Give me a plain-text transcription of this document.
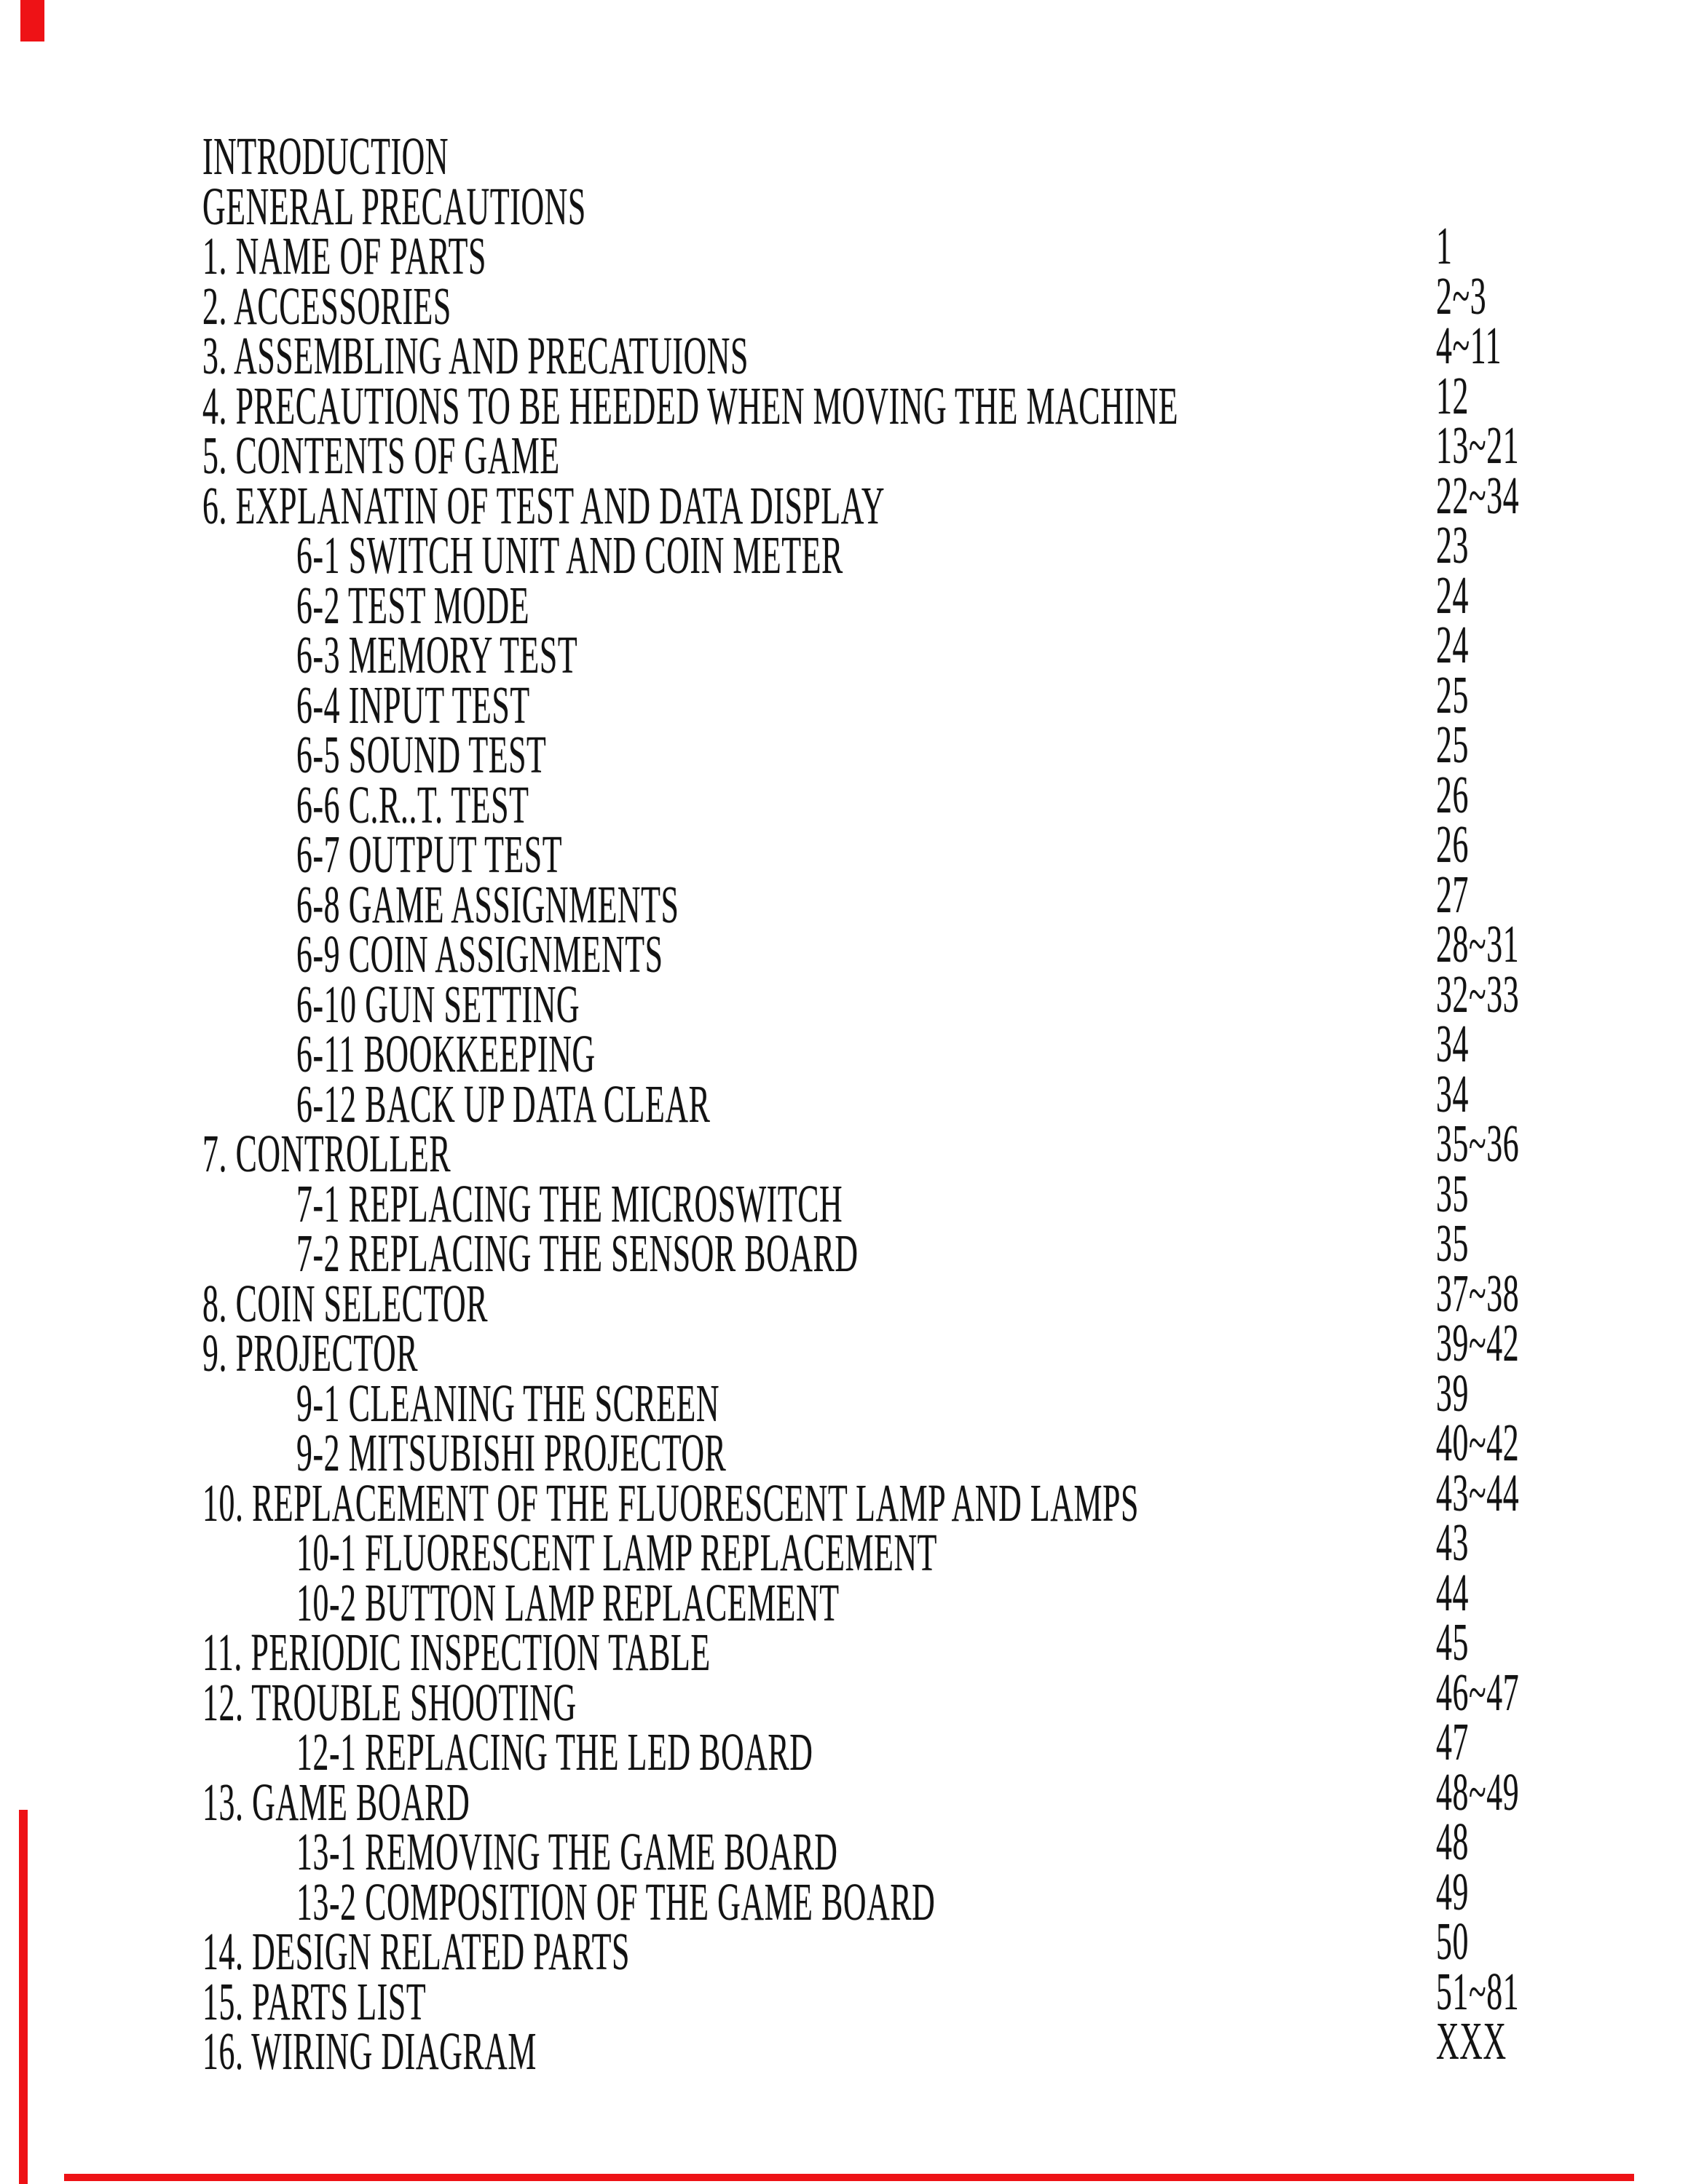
INTRODUCTION
GENERAL PRECAUTIONS
1. NAME OF PARTS	1
2. ACCESSORIES	2~3
3. ASSEMBLING AND PRECATUIONS	4~11
4. PRECAUTIONS TO BE HEEDED WHEN MOVING THE MACHINE	12
5. CONTENTS OF GAME	13~21
6. EXPLANATIN OF TEST AND DATA DISPLAY	22~34
6-1 SWITCH UNIT AND COIN METER	23
6-2 TEST MODE	24
6-3 MEMORY TEST	24
6-4 INPUT TEST	25
6-5 SOUND TEST	25
6-6 C.R..T. TEST	26
6-7 OUTPUT TEST	26
6-8 GAME ASSIGNMENTS	27
6-9 COIN ASSIGNMENTS	28~31
6-10 GUN SETTING	32~33
6-11 BOOKKEEPING	34
6-12 BACK UP DATA CLEAR	34
7. CONTROLLER	35~36
7-1 REPLACING THE MICROSWITCH	35
7-2 REPLACING THE SENSOR BOARD	35
8. COIN SELECTOR	37~38
9. PROJECTOR	39~42
9-1 CLEANING THE SCREEN	39
9-2 MITSUBISHI PROJECTOR	40~42
10. REPLACEMENT OF THE FLUORESCENT LAMP AND LAMPS	43~44
10-1 FLUORESCENT LAMP REPLACEMENT	43
10-2 BUTTON LAMP REPLACEMENT	44
11. PERIODIC INSPECTION TABLE	45
12. TROUBLE SHOOTING	46~47
12-1 REPLACING THE LED BOARD	47
13. GAME BOARD	48~49
13-1 REMOVING THE GAME BOARD	48
13-2 COMPOSITION OF THE GAME BOARD	49
14. DESIGN RELATED PARTS	50
15. PARTS LIST	51~81
16. WIRING DIAGRAM	XXX
